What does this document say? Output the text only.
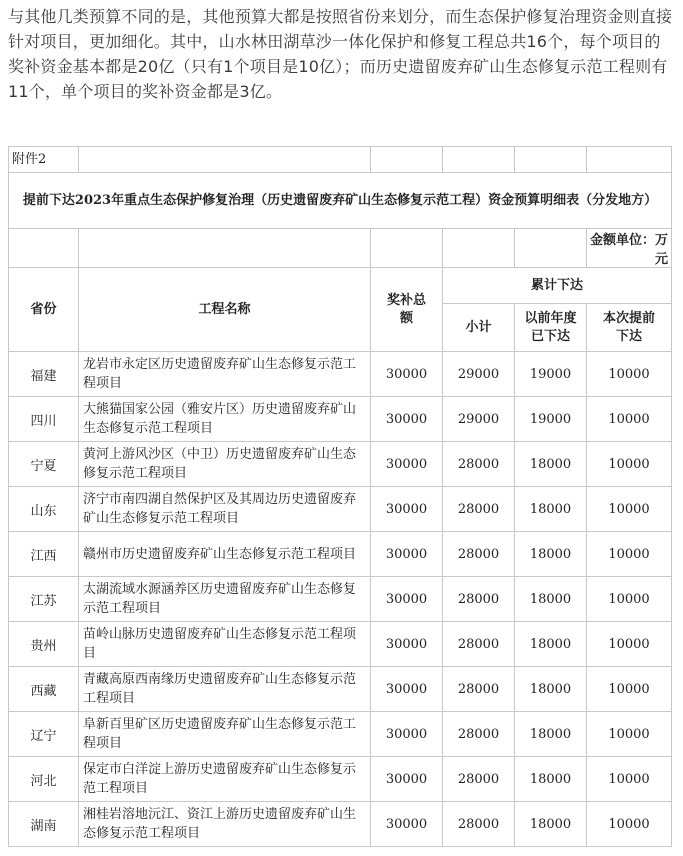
与其他几类预算不同的是，其他预算大都是按照省份来划分，而生态保护修复治理资金则直接针对项目，更加细化。其中，山水林田湖草沙一体化保护和修复工程总共16个，每个项目的奖补资金基本都是20亿（只有1个项目是10亿）；而历史遗留废弃矿山生态修复示范工程则有11个，单个项目的奖补资金都是3亿。
附件2					
提前下达2023年重点生态保护修复治理（历史遗留废弃矿山生态修复示范工程）资金预算明细表（分发地方）					
					金额单位：万元
省份	工程名称	奖补总额	累计下达		
			小计	以前年度已下达	本次提前下达
福建	龙岩市永定区历史遗留废弃矿山生态修复示范工程项目	30000	29000	19000	10000
四川	大熊猫国家公园（雅安片区）历史遗留废弃矿山生态修复示范工程项目	30000	29000	19000	10000
宁夏	黄河上游风沙区（中卫）历史遗留废弃矿山生态修复示范工程项目	30000	28000	18000	10000
山东	济宁市南四湖自然保护区及其周边历史遗留废弃矿山生态修复示范工程项目	30000	28000	18000	10000
江西	赣州市历史遗留废弃矿山生态修复示范工程项目	30000	28000	18000	10000
江苏	太湖流域水源涵养区历史遗留废弃矿山生态修复示范工程项目	30000	28000	18000	10000
贵州	苗岭山脉历史遗留废弃矿山生态修复示范工程项目	30000	28000	18000	10000
西藏	青藏高原西南缘历史遗留废弃矿山生态修复示范工程项目	30000	28000	18000	10000
辽宁	阜新百里矿区历史遗留废弃矿山生态修复示范工程项目	30000	28000	18000	10000
河北	保定市白洋淀上游历史遗留废弃矿山生态修复示范工程项目	30000	28000	18000	10000
湖南	湘桂岩溶地沅江、资江上游历史遗留废弃矿山生态修复示范工程项目	30000	28000	18000	10000
